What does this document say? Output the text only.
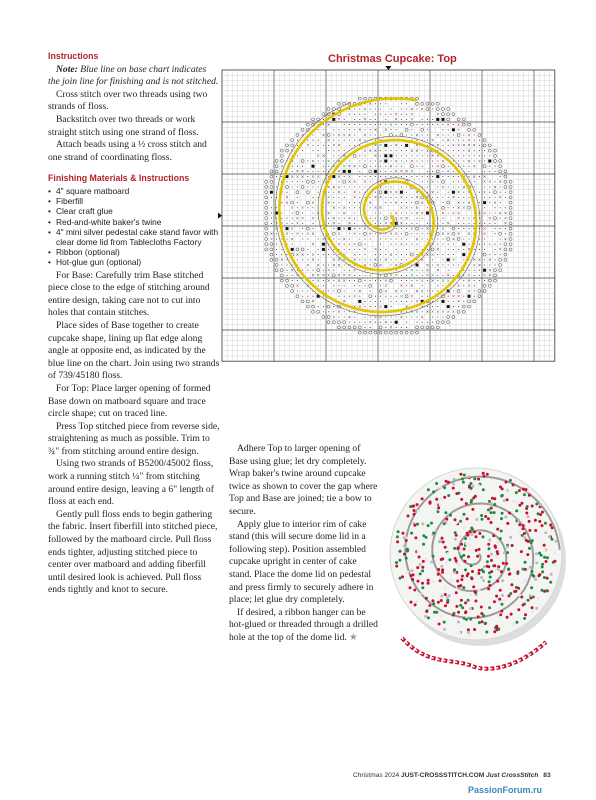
Instructions

Note: Blue line on base chart indicates the join line for finishing and is not stitched.

Cross stitch over two threads using two strands of floss.

Backstitch over two threads or work straight stitch using one strand of floss.

Attach beads using a ½ cross stitch and one strand of coordinating floss.

Finishing Materials & Instructions
• 4" square matboard
• Fiberfill
• Clear craft glue
• Red-and-white baker's twine
• 4" mini silver pedestal cake stand favor with clear dome lid from Tablecloths Factory
• Ribbon (optional)
• Hot-glue gun (optional)

For Base: Carefully trim Base stitched piece close to the edge of stitching around entire design, taking care not to cut into holes that contain stitches.

Place sides of Base together to create cupcake shape, lining up flat edge along angle at opposite end, as indicated by the blue line on the chart. Join using two strands of 739/45180 floss.

For Top: Place larger opening of formed Base down on matboard square and trace circle shape; cut on traced line.

Press Top stitched piece from reverse side, straightening as much as possible. Trim to ¾" from stitching around entire design.

Using two strands of B5200/45002 floss, work a running stitch ¼" from stitching around entire design, leaving a 6" length of floss at each end.

Gently pull floss ends to begin gathering the fabric. Insert fiberfill into stitched piece, followed by the matboard circle. Pull floss ends tighter, adjusting stitched piece to center over matboard and adding fiberfill until desired look is achieved. Pull floss ends tightly and knot to secure.

Christmas Cupcake: Top
×
×	×	× ×
×	×	×
×	×	×	×
×	×	× ×
×	× ×	×
×	×	× × ×	×	×	×	×
×	×	× ×	×	×	×
×	× ×	× ×	×	×	× ×	× × × × ×
×	× × ×	× × ×	×
× ×	×	×	× ×
×	×	× ×	×	×	×	×	× ×
×	× × × ×	×	×	×
× ×	×	× × × ×	×
× × × × × × × ×	× × ×
×	× ×	× × ×	×	×	×	× × ×
×	× × ×	×	×	×	×
×	×	×	×	× ×	× × ×	× ×	×
×	×	×	× ×	×	× ×	×	×
×	×	×	×	×	×	× ×	×
× ×	× ×	× ×	× × ×	× ×
× ×	×	×	×	× ×	× × ×	× ×	× ×
× × ×	×	×	× × ×	×	×	×	×
× ×	×	× ×	×	× × ×	×	×
× × ×	× × ×	×	×	×	× ×
× × × × × ×	×	×	× × × ×	× × × × × ×
×	×	× ×	×	×	×	×	×
×	×	×	×	×	×
× ×	×	×	×
× × ×	× ×	×	× × ×	×
×	×	× × × ×	× ×	×	×	× × ×
× ×	× × × × ×	×	×	× ×	× ×
×	×	×	×	×	× ×	×
×	× × × × × × ×	× ×	×	× ×	×	×	× ×
× × × ×	×	× × × ×	×
× × ×	×	× ×	× ×
×	× × ×	× ×	×
×	× ×	× ×
×	×	×	×
× ×	×	×
×	×	× × × × × × × × × × ×
×	×	× ×	×	×
×	×
×

Adhere Top to larger opening of Base using glue; let dry completely. Wrap baker's twine around cupcake twice as shown to cover the gap where Top and Base are joined; tie a bow to secure.

Apply glue to interior rim of cake stand (this will secure dome lid in a following step). Position assembled cupcake upright in center of cake stand. Place the dome lid on pedestal and press firmly to securely adhere in place; let glue dry completely.

If desired, a ribbon hanger can be hot-glued or threaded through a drilled hole at the top of the dome lid. ★

Christmas 2024 JUST-CROSSSTITCH.COM Just CrossStitch 83
PassionForum.ru
